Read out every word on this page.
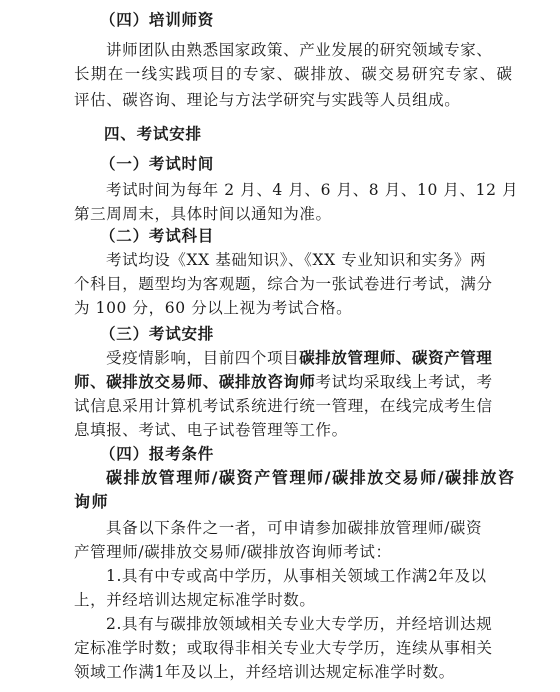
（四）培训师资
讲师团队由熟悉国家政策、产业发展的研究领域专家、
长期在一线实践项目的专家、碳排放、碳交易研究专家、碳
评估、碳咨询、理论与方法学研究与实践等人员组成。
四、考试安排
（一）考试时间
考试时间为每年 2 月、4 月、6 月、8 月、10 月、12 月
第三周周末，具体时间以通知为准。
（二）考试科目
考试均设《XX 基础知识》、《XX 专业知识和实务》两
个科目，题型均为客观题，综合为一张试卷进行考试，满分
为 100 分，60 分以上视为考试合格。
（三）考试安排
受疫情影响，目前四个项目碳排放管理师、碳资产管理
师、碳排放交易师、碳排放咨询师考试均采取线上考试，考
试信息采用计算机考试系统进行统一管理，在线完成考生信
息填报、考试、电子试卷管理等工作。
（四）报考条件
碳排放管理师/碳资产管理师/碳排放交易师/碳排放咨
询师
具备以下条件之一者，可申请参加碳排放管理师/碳资
产管理师/碳排放交易师/碳排放咨询师考试：
1.具有中专或高中学历，从事相关领域工作满2年及以
上，并经培训达规定标准学时数。
2.具有与碳排放领域相关专业大专学历，并经培训达规
定标准学时数；或取得非相关专业大专学历，连续从事相关
领域工作满1年及以上，并经培训达规定标准学时数。
